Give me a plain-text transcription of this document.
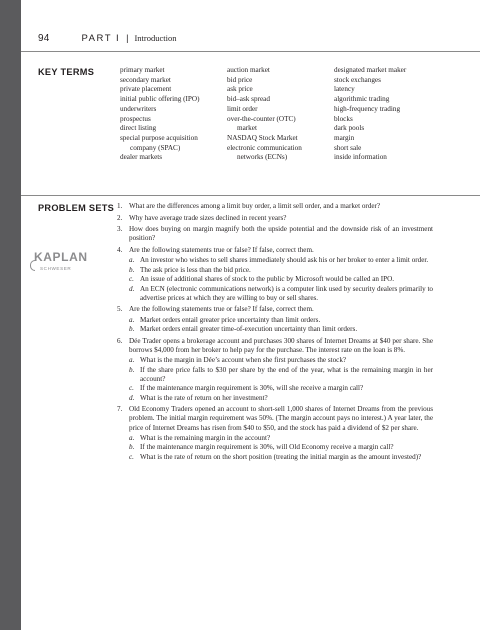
94	PART I | Introduction
KEY TERMS	primary market
secondary market
private placement
initial public offering (IPO)
underwriters
prospectus
direct listing
special purpose acquisition
company (SPAC)
dealer markets
auction market
bid price
ask price
bid–ask spread
limit order
over-the-counter (OTC)
market
NASDAQ Stock Market
electronic communication
networks (ECNs)
designated market maker
stock exchanges
latency
algorithmic trading
high-frequency trading
blocks
dark pools
margin
short sale
inside information
PROBLEM SETS
KAPLAN
SCHWESER
1. What are the differences among a limit buy order, a limit sell order, and a market order?
2. Why have average trade sizes declined in recent years?
3. How does buying on margin magnify both the upside potential and the downside risk of an investment position?
4. Are the following statements true or false? If false, correct them.
a. An investor who wishes to sell shares immediately should ask his or her broker to enter a limit order.
b. The ask price is less than the bid price.
c. An issue of additional shares of stock to the public by Microsoft would be called an IPO.
d. An ECN (electronic communications network) is a computer link used by security dealers primarily to advertise prices at which they are willing to buy or sell shares.
5. Are the following statements true or false? If false, correct them.
a. Market orders entail greater price uncertainty than limit orders.
b. Market orders entail greater time-of-execution uncertainty than limit orders.
6. Dée Trader opens a brokerage account and purchases 300 shares of Internet Dreams at $40 per share. She borrows $4,000 from her broker to help pay for the purchase. The interest rate on the loan is 8%.
a. What is the margin in Dée’s account when she first purchases the stock?
b. If the share price falls to $30 per share by the end of the year, what is the remaining margin in her account?
c. If the maintenance margin requirement is 30%, will she receive a margin call?
d. What is the rate of return on her investment?
7. Old Economy Traders opened an account to short-sell 1,000 shares of Internet Dreams from the previous problem. The initial margin requirement was 50%. (The margin account pays no interest.) A year later, the price of Internet Dreams has risen from $40 to $50, and the stock has paid a dividend of $2 per share.
a. What is the remaining margin in the account?
b. If the maintenance margin requirement is 30%, will Old Economy receive a margin call?
c. What is the rate of return on the short position (treating the initial margin as the amount invested)?
